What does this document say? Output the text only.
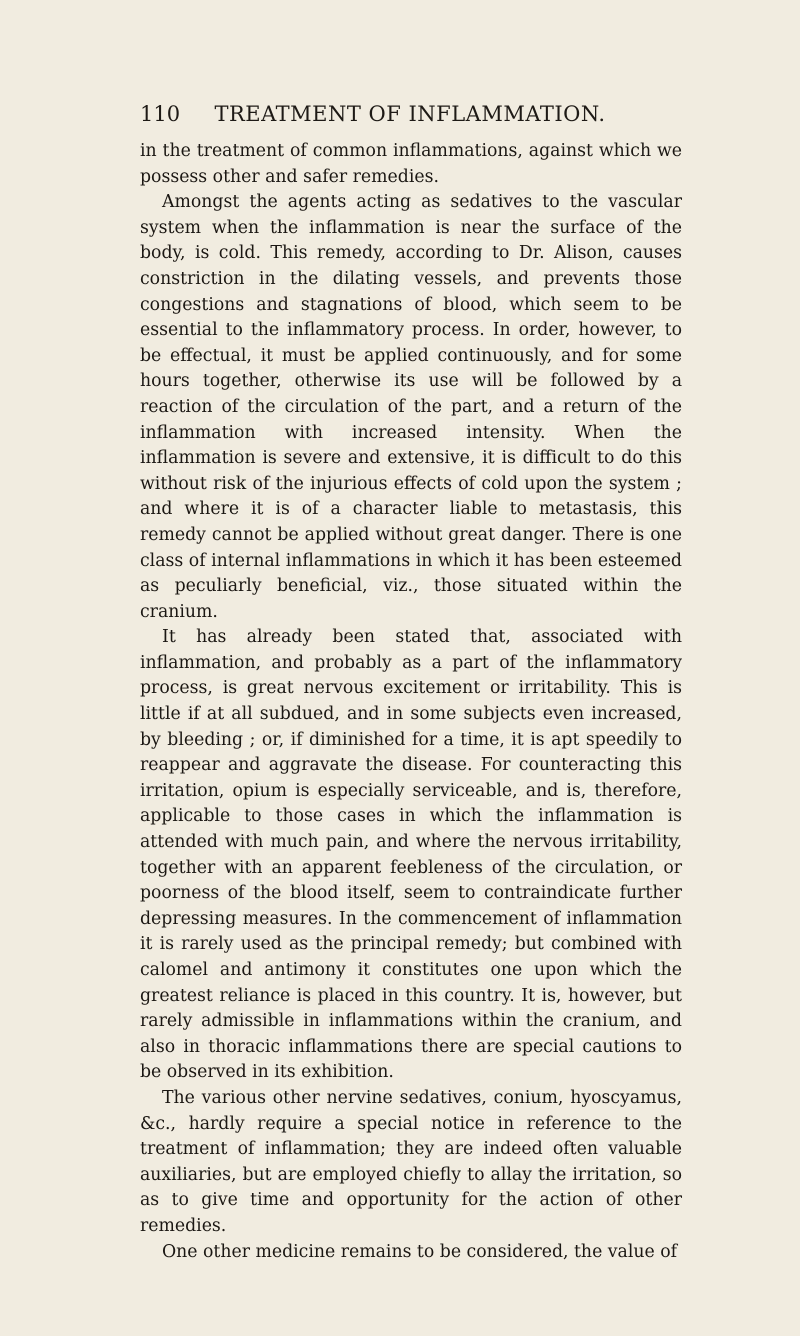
110	TREATMENT OF INFLAMMATION.

in the treatment of common inflammations, against which we possess other and safer remedies.

Amongst the agents acting as sedatives to the vascular system when the inflammation is near the surface of the body, is cold. This remedy, according to Dr. Alison, causes constriction in the dilating vessels, and prevents those congestions and stagnations of blood, which seem to be essential to the inflammatory process. In order, however, to be effectual, it must be applied continuously, and for some hours together, otherwise its use will be followed by a reaction of the circulation of the part, and a return of the inflammation with increased intensity. When the inflammation is severe and extensive, it is difficult to do this without risk of the injurious effects of cold upon the system ; and where it is of a character liable to metastasis, this remedy cannot be applied without great danger. There is one class of internal inflammations in which it has been esteemed as peculiarly beneficial, viz., those situated within the cranium.

It has already been stated that, associated with inflammation, and probably as a part of the inflammatory process, is great nervous excitement or irritability. This is little if at all subdued, and in some subjects even increased, by bleeding ; or, if diminished for a time, it is apt speedily to reappear and aggravate the disease. For counteracting this irritation, opium is especially serviceable, and is, therefore, applicable to those cases in which the inflammation is attended with much pain, and where the nervous irritability, together with an apparent feebleness of the circulation, or poorness of the blood itself, seem to contraindicate further depressing measures. In the commencement of inflammation it is rarely used as the principal remedy; but combined with calomel and antimony it constitutes one upon which the greatest reliance is placed in this country. It is, however, but rarely admissible in inflammations within the cranium, and also in thoracic inflammations there are special cautions to be observed in its exhibition.

The various other nervine sedatives, conium, hyoscyamus, &c., hardly require a special notice in reference to the treatment of inflammation; they are indeed often valuable auxiliaries, but are employed chiefly to allay the irritation, so as to give time and opportunity for the action of other remedies.

One other medicine remains to be considered, the value of
